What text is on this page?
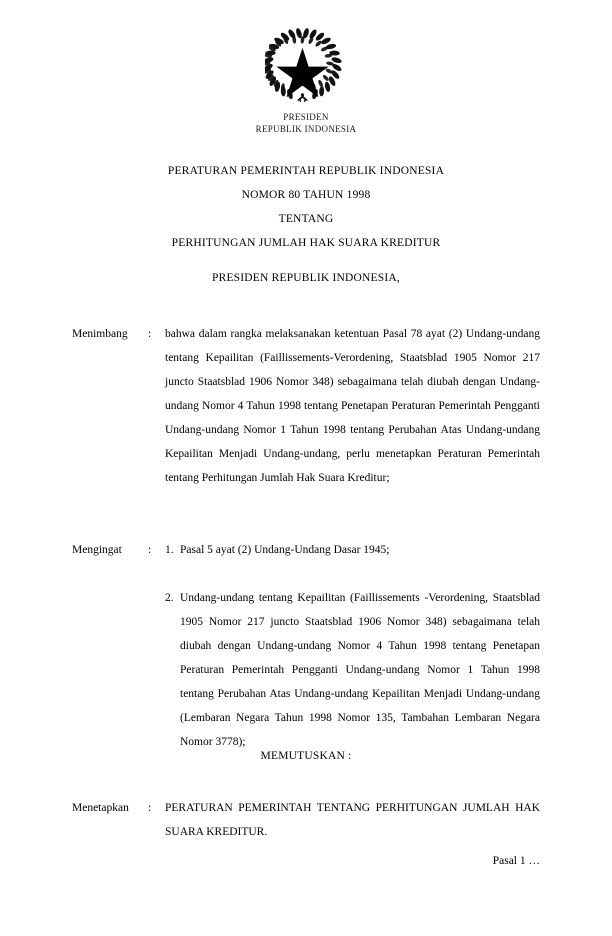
PRESIDEN
REPUBLIK INDONESIA
PERATURAN PEMERINTAH REPUBLIK INDONESIA
NOMOR 80 TAHUN 1998
TENTANG
PERHITUNGAN JUMLAH HAK SUARA KREDITUR
PRESIDEN REPUBLIK INDONESIA,
Menimbang	:	bahwa dalam rangka melaksanakan ketentuan Pasal 78 ayat (2) Undang-undang tentang Kepailitan (Faillissements-Verordening, Staatsblad 1905 Nomor 217 juncto Staatsblad 1906 Nomor 348) sebagaimana telah diubah dengan Undang-undang Nomor 4 Tahun 1998 tentang Penetapan Peraturan Pemerintah Pengganti Undang-undang Nomor 1 Tahun 1998 tentang Perubahan Atas Undang-undang Kepailitan Menjadi Undang-undang, perlu menetapkan Peraturan Pemerintah tentang Perhitungan Jumlah Hak Suara Kreditur;

Mengingat	:	1. Pasal 5 ayat (2) Undang-Undang Dasar 1945;
2. Undang-undang tentang Kepailitan (Faillissements -Verordening, Staatsblad 1905 Nomor 217 juncto Staatsblad 1906 Nomor 348) sebagaimana telah diubah dengan Undang-undang Nomor 4 Tahun 1998 tentang Penetapan Peraturan Pemerintah Pengganti Undang-undang Nomor 1 Tahun 1998 tentang Perubahan Atas Undang-undang Kepailitan Menjadi Undang-undang (Lembaran Negara Tahun 1998 Nomor 135, Tambahan Lembaran Negara Nomor 3778);
MEMUTUSKAN :
Menetapkan	:	PERATURAN PEMERINTAH TENTANG PERHITUNGAN JUMLAH HAK SUARA KREDITUR.

Pasal 1 …
